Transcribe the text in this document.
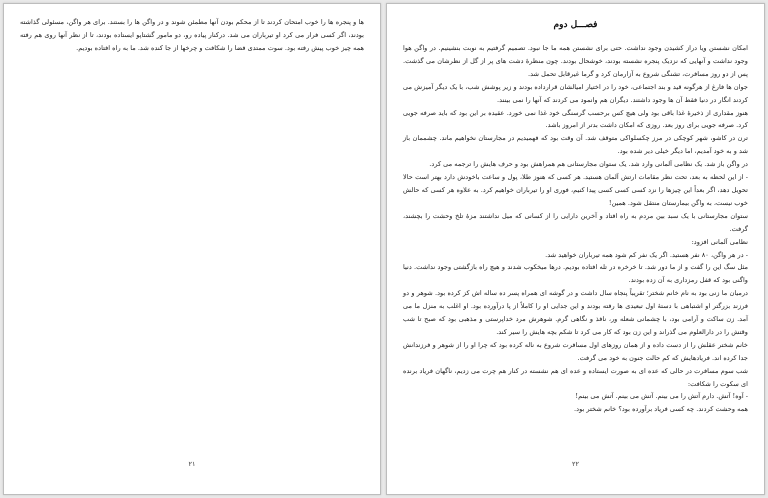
ها و پنجره ها را خوب امتحان کردند تا از محکم بودن آنها مطمئن شوند و در واگن ها را بستند. برای هر واگن، مسئولی گذاشته بودند، اگر کسی فرار می کرد او تیرباران می شد. درکنار پیاده رو، دو مامور گشتاپو ایستاده بودند، تا از نظر آنها روی هم رفته همه چیز خوب پیش رفته بود. سوت ممتدی فضا را شکافت و چرخها از جا کنده شد. ما به راه افتاده بودیم.

۲۱
فصـــل دوم

امکان نشستن ویا دراز کشیدن وجود نداشت. حتی برای نشستن همه ما جا نبود. تصمیم گرفتیم به نوبت بنشینیم. در واگن هوا وجود نداشت و آنهایی که نزدیک پنجره نشسته بودند، خوشحال بودند. چون منظرۀ دشت های پر از گل از نظرشان می گذشت. پس از دو روز مسافرت، تشنگی شروع به آزارمان کرد و گرما غیرقابل تحمل شد.

جوان ها فارغ از هرگونه قید و بند اجتماعی، خود را در اختیار امیالشان قرارداده بودند و زیر پوشش شب، با یک دیگر آمیزش می کردند انگار در دنیا فقط آن ها وجود داشتند. دیگران هم وانمود می کردند که آنها را نمی بینند.

هنوز مقداری از ذخیرۀ غذا باقی بود ولی هیچ کس برحسب گرسنگی خود غذا نمی خورد. عقیده بر این بود که باید صرفه جویی کرد. صرفه جویی برای روز بعد. روزی که امکان داشت بدتر از امروز باشد.

ترن در کاشو، شهر کوچکی در مرز چکسلواکی متوقف شد. آن وقت بود که فهمیدیم در مجارستان نخواهیم ماند. چشممان باز شد و به خود آمدیم، اما دیگر خیلی دیر شده بود.

در واگن باز شد. یک نظامی آلمانی وارد شد. یک ستوان مجارستانی هم همراهش بود و حرف هایش را ترجمه می کرد.

- از این لحظه به بعد، تحت نظر مقامات ارتش آلمان هستید. هر کسی که هنوز طلا، پول و ساعت باخودش دارد بهتر است حالا تحویل دهد، اگر بعداً این چیزها را نزد کسی کسی کسی پیدا کنیم، فوری او را تیرباران خواهیم کرد. به علاوه هر کسی که حالش خوب نیست، به واگن بیمارستان منتقل شود. همین!

ستوان مجارستانی با یک سبد بین مردم به راه افتاد و آخرین دارایی را از کسانی که میل نداشتند مزۀ تلخ وحشت را بچشند، گرفت.

نظامی آلمانی افزود:

- در هر واگن، ۸۰ نفر هستید. اگر یک نفر کم شود همه تیرباران خواهید شد.

مثل سگ این را گفت و از ما دور شد. تا خرخره در تله افتاده بودیم. درها میخکوب شدند و هیچ راه بازگشتی وجود نداشت. دنیا واگنی بود که قفل رمزداری به آن زده بودند.

درمیان ما زنی بود به نام خانم شختر؛ تقریباً پنجاه سال داشت و در گوشه ای همراه پسر ده ساله اش کز کرده بود. شوهر و دو فرزند بزرگتر او اشتباهی با دستۀ اول تبعیدی ها رفته بودند و این جدایی او را کاملاً از پا درآورده بود. او اغلب به منزل ما می آمد. زن ساکت و آرامی بود، با چشمانی شعله ور، نافذ و نگاهی گرم. شوهرش مرد خداپرستی و مذهبی بود که صبح تا شب وقتش را در دارالعلوم می گذراند و این زن بود که کار می کرد تا شکم بچه هایش را سیر کند.

خانم شختر عقلش را از دست داده و از همان روزهای اول مسافرت شروع به ناله کرده بود که چرا او را از شوهر و فرزندانش جدا کرده اند. فریادهایش که کم حالت جنون به خود می گرفت.

شب سوم مسافرت در حالی که عده ای به صورت ایستاده و عده ای هم نشسته در کنار هم چرت می زدیم، ناگهان فریاد برنده ای سکوت را شکافت:

- آوه! آتش. دارم آتش را می بینم. آتش می بینم. آتش می بینم!

همه وحشت کردند. چه کسی فریاد برآورده بود؟ خانم شختر بود.

۲۲
